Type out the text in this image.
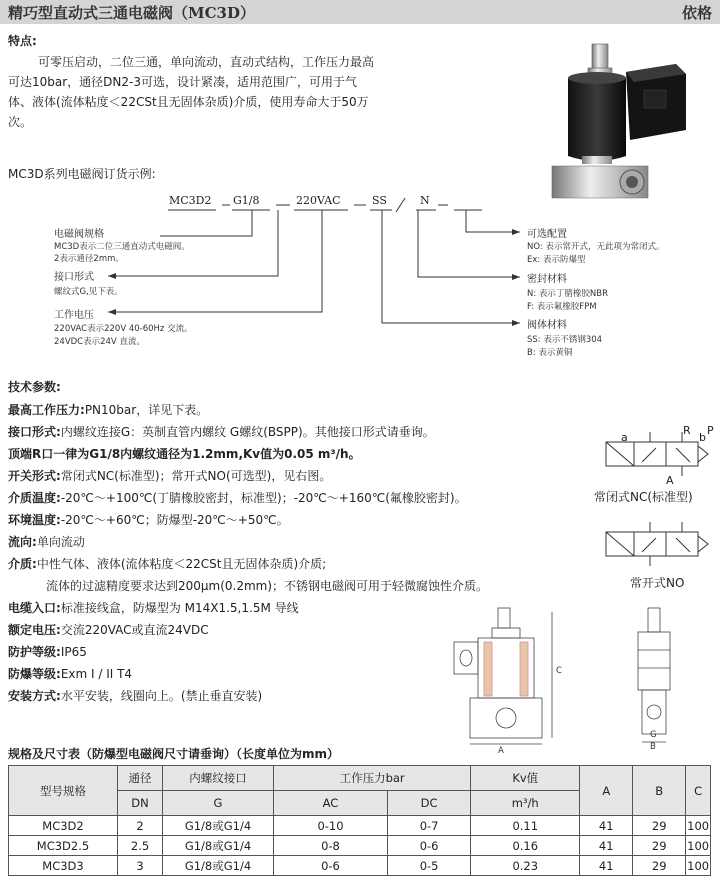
精巧型直动式三通电磁阀（MC3D）	依格
特点:
可零压启动，二位三通，单向流动，直动式结构，工作压力最高可达10bar，通径DN2-3可选，设计紧凑，适用范围广，可用于气体、液体(流体粘度＜22CSt且无固体杂质)介质，使用寿命大于50万次。
MC3D系列电磁阀订货示例:
MC3D2 G1/8	220VAC	SS	N
电磁阀规格
MC3D表示二位三通直动式电磁阀。
2表示通径2mm。
接口形式
螺纹式G,见下表。
工作电压
220VAC表示220V 40-60Hz 交流。
24VDC表示24V 直流。
可选配置
NO: 表示常开式，无此项为常闭式。
Ex: 表示防爆型
密封材料
N: 表示丁腈橡胶NBR
F: 表示氟橡胶FPM
阀体材料
SS: 表示不锈钢304
B: 表示黄铜
技术参数:
最高工作压力:PN10bar，详见下表。
接口形式:内螺纹连接G：英制直管内螺纹 G螺纹(BSPP)。其他接口形式请垂询。
顶端R口一律为G1/8内螺纹通径为1.2mm,Kv值为0.05 m³/h。
开关形式:常闭式NC(标准型)；常开式NO(可选型)，见右图。
介质温度:-20℃～+100℃(丁腈橡胶密封，标准型)；-20℃～+160℃(氟橡胶密封)。
环境温度:-20℃～+60℃；防爆型-20℃～+50℃。
流向:单向流动
介质:中性气体、液体(流体粘度＜22CSt且无固体杂质)介质;
流体的过滤精度要求达到200μm(0.2mm)；不锈钢电磁阀可用于轻微腐蚀性介质。
电缆入口:标准接线盒，防爆型为 M14X1.5,1.5M 导线
额定电压:交流220VAC或直流24VDC
防护等级:IP65
防爆等级:Exm I / II T4
安装方式:水平安装，线圈向上。(禁止垂直安装)
a	b
R P
A
常闭式NC(标准型)
常开式NO
A	B
C
G
规格及尺寸表（防爆型电磁阀尺寸请垂询）（长度单位为mm）
型号规格	通径	内螺纹接口	工作压力bar		Kv值	A	B	C
	DN	G	AC	DC	m³/h			
MC3D2	2	G1/8或G1/4	0-10	0-7	0.11	41	29	100
MC3D2.5	2.5	G1/8或G1/4	0-8	0-6	0.16	41	29	100
MC3D3	3	G1/8或G1/4	0-6	0-5	0.23	41	29	100
